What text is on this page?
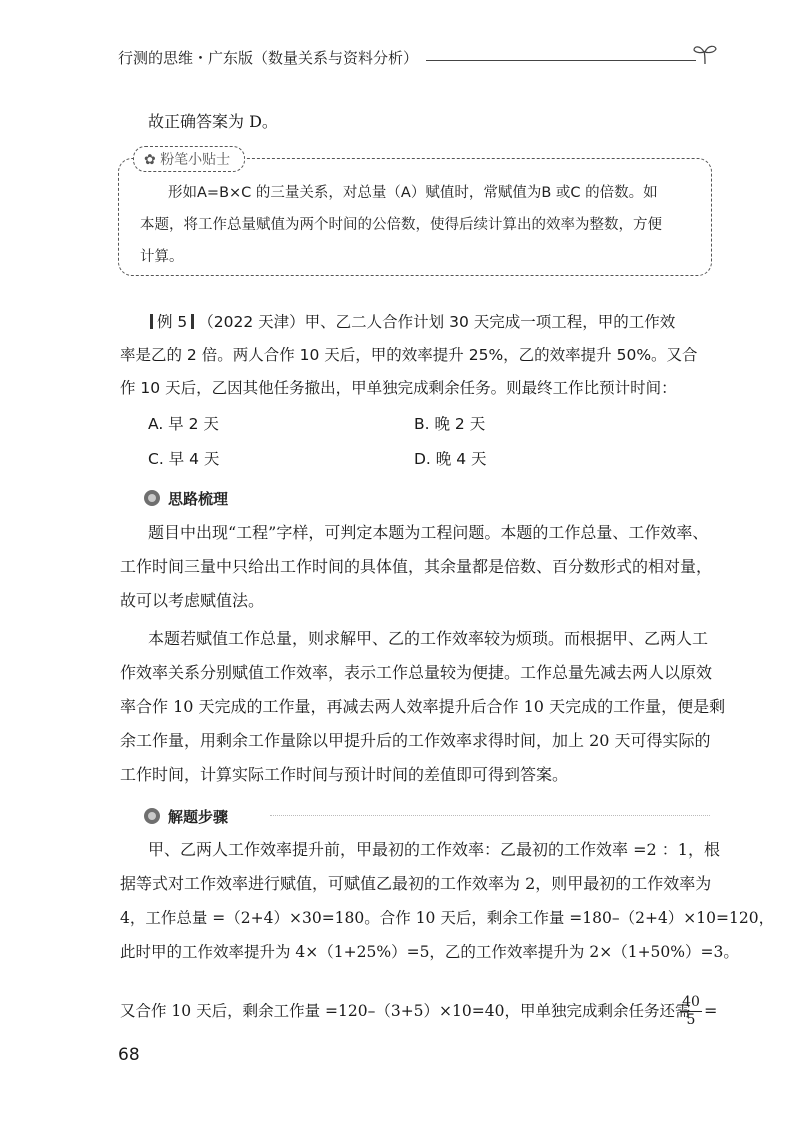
行测的思维・广东版（数量关系与资料分析）
故正确答案为 D。
✿ 粉笔小贴士
形如A=B×C 的三量关系，对总量（A）赋值时，常赋值为B 或C 的倍数。如
本题，将工作总量赋值为两个时间的公倍数，使得后续计算出的效率为整数，方便
计算。
例 5 （2022 天津）甲、乙二人合作计划 30 天完成一项工程，甲的工作效
率是乙的 2 倍。两人合作 10 天后，甲的效率提升 25%，乙的效率提升 50%。又合
作 10 天后，乙因其他任务撤出，甲单独完成剩余任务。则最终工作比预计时间：
A. 早 2 天	B. 晚 2 天
C. 早 4 天	D. 晚 4 天
思路梳理
题目中出现“工程”字样，可判定本题为工程问题。本题的工作总量、工作效率、
工作时间三量中只给出工作时间的具体值，其余量都是倍数、百分数形式的相对量，
故可以考虑赋值法。
本题若赋值工作总量，则求解甲、乙的工作效率较为烦琐。而根据甲、乙两人工
作效率关系分别赋值工作效率，表示工作总量较为便捷。工作总量先减去两人以原效
率合作 10 天完成的工作量，再减去两人效率提升后合作 10 天完成的工作量，便是剩
余工作量，用剩余工作量除以甲提升后的工作效率求得时间，加上 20 天可得实际的
工作时间，计算实际工作时间与预计时间的差值即可得到答案。
解题步骤
甲、乙两人工作效率提升前，甲最初的工作效率：乙最初的工作效率 =2 ：1，根
据等式对工作效率进行赋值，可赋值乙最初的工作效率为 2，则甲最初的工作效率为
4，工作总量 =（2+4）×30=180。合作 10 天后，剩余工作量 =180–（2+4）×10=120，
此时甲的工作效率提升为 4×（1+25%）=5，乙的工作效率提升为 2×（1+50%）=3。
又合作 10 天后，剩余工作量 =120–（3+5）×10=40，甲单独完成剩余任务还需
$\frac{40}{5}$ =
68
